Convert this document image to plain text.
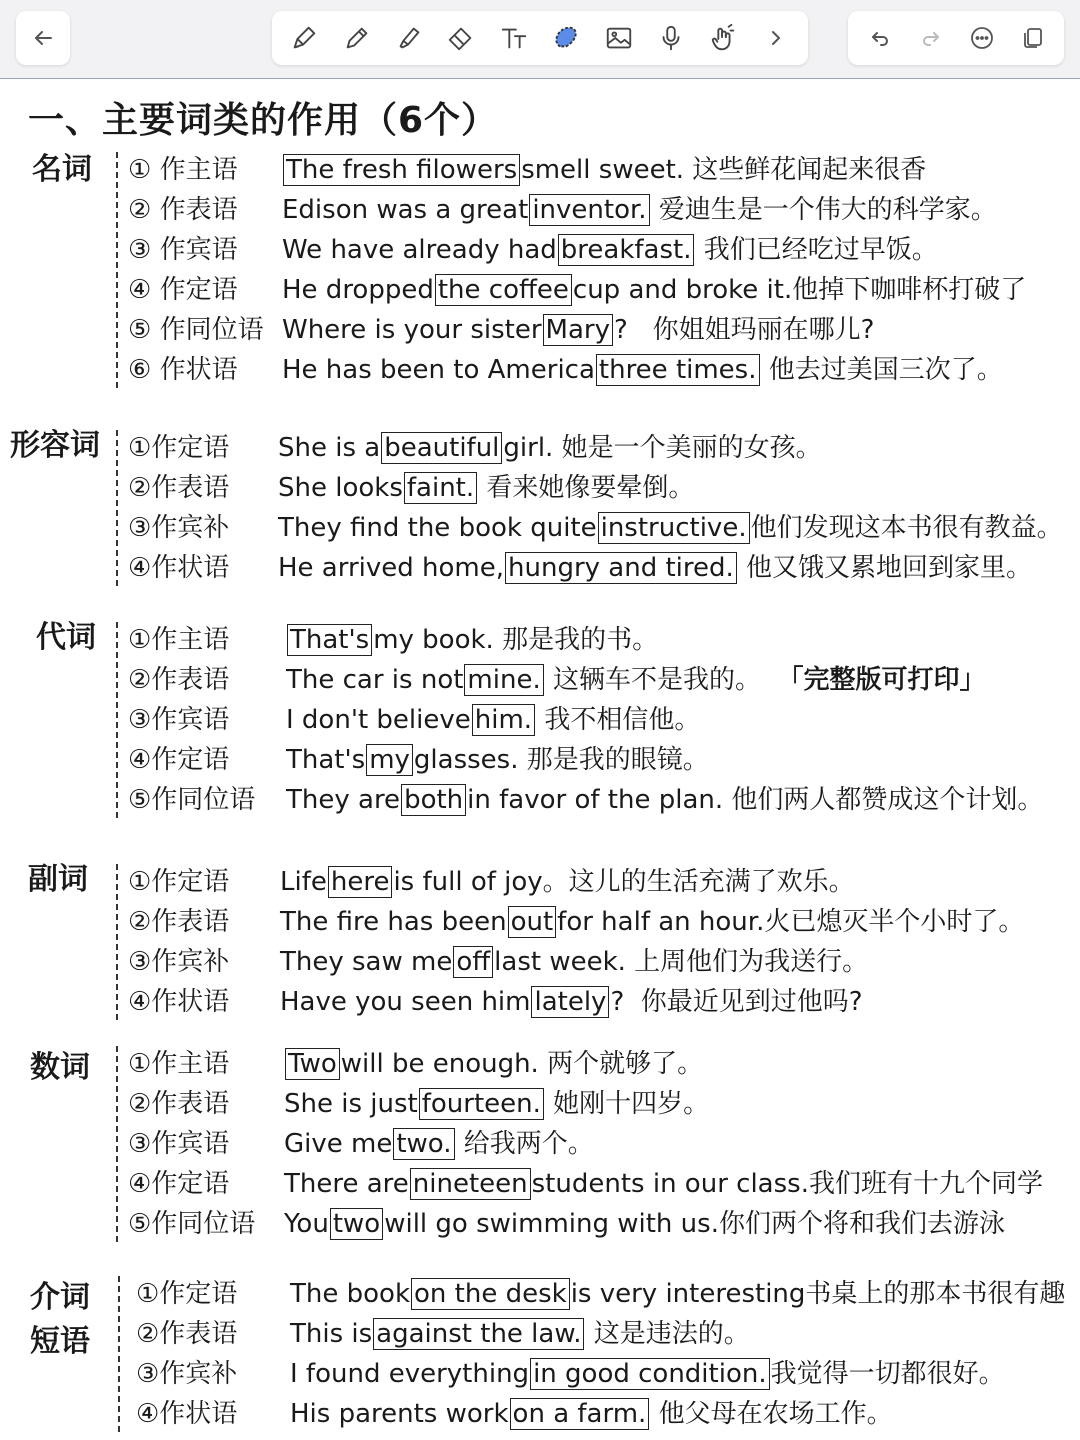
一、主要词类的作用（6个）
名词 ① 作主语 The fresh filowers smell sweet. 这些鲜花闻起来很香
② 作表语 Edison was a great inventor. 爱迪生是一个伟大的科学家。
③ 作宾语 We have already had breakfast. 我们已经吃过早饭。
④ 作定语 He dropped the coffee cup and broke it.他掉下咖啡杯打破了
⑤ 作同位语 Where is your sister Mary ?   你姐姐玛丽在哪儿?
⑥ 作状语 He has been to America three times. 他去过美国三次了。
形容词 ①作定语 She is a beautiful girl. 她是一个美丽的女孩。
②作表语 She looks faint. 看来她像要晕倒。
③作宾补 They find the book quite instructive. 他们发现这本书很有教益。
④作状语 He arrived home, hungry and tired. 他又饿又累地回到家里。
代词 ①作主语 That's my book. 那是我的书。
②作表语 The car is not mine. 这辆车不是我的。  「完整版可打印」
③作宾语 I don't believe him. 我不相信他。
④作定语 That's my glasses. 那是我的眼镜。
⑤作同位语 They are both in favor of the plan. 他们两人都赞成这个计划。
副词 ①作定语 Life here is full of joy。这儿的生活充满了欢乐。
②作表语 The fire has been out for half an hour.火已熄灭半个小时了。
③作宾补 They saw me off last week. 上周他们为我送行。
④作状语 Have you seen him lately ?  你最近见到过他吗?
数词 ①作主语 Two will be enough. 两个就够了。
②作表语 She is just fourteen. 她刚十四岁。
③作宾语 Give me two. 给我两个。
④作定语 There are nineteen students in our class.我们班有十九个同学
⑤作同位语 You two will go swimming with us.你们两个将和我们去游泳
介词
短语
①作定语 The book on the desk is very interesting书桌上的那本书很有趣
②作表语 This is against the law. 这是违法的。
③作宾补 I found everything in good condition. 我觉得一切都很好。
④作状语 His parents work on a farm. 他父母在农场工作。
